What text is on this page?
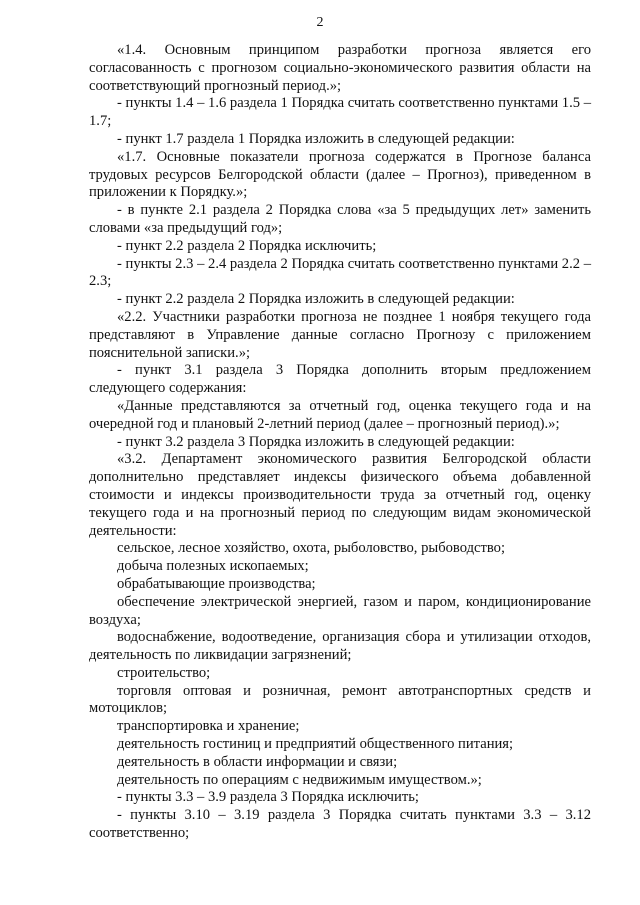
2

«1.4. Основным принципом разработки прогноза является его согласованность с прогнозом социально-экономического развития области на соответствующий прогнозный период.»;

- пункты 1.4 – 1.6 раздела 1 Порядка считать соответственно пунктами 1.5 – 1.7;

- пункт 1.7 раздела 1 Порядка изложить в следующей редакции:

«1.7. Основные показатели прогноза содержатся в Прогнозе баланса трудовых ресурсов Белгородской области (далее – Прогноз), приведенном в приложении к Порядку.»;

- в пункте 2.1 раздела 2 Порядка слова «за 5 предыдущих лет» заменить словами «за предыдущий год»;

- пункт 2.2 раздела 2 Порядка исключить;

- пункты 2.3 – 2.4 раздела 2 Порядка считать соответственно пунктами 2.2 – 2.3;

- пункт 2.2 раздела 2 Порядка изложить в следующей редакции:

«2.2. Участники разработки прогноза не позднее 1 ноября текущего года представляют в Управление данные согласно Прогнозу с приложением пояснительной записки.»;

- пункт 3.1 раздела 3 Порядка дополнить вторым предложением следующего содержания:

«Данные представляются за отчетный год, оценка текущего года и на очередной год и плановый 2-летний период (далее – прогнозный период).»;

- пункт 3.2 раздела 3 Порядка изложить в следующей редакции:

«3.2. Департамент экономического развития Белгородской области дополнительно представляет индексы физического объема добавленной стоимости и индексы производительности труда за отчетный год, оценку текущего года и на прогнозный период по следующим видам экономической деятельности:

сельское, лесное хозяйство, охота, рыболовство, рыбоводство;

добыча полезных ископаемых;

обрабатывающие производства;

обеспечение электрической энергией, газом и паром, кондиционирование воздуха;

водоснабжение, водоотведение, организация сбора и утилизации отходов, деятельность по ликвидации загрязнений;

строительство;

торговля оптовая и розничная, ремонт автотранспортных средств и мотоциклов;

транспортировка и хранение;

деятельность гостиниц и предприятий общественного питания;

деятельность в области информации и связи;

деятельность по операциям с недвижимым имуществом.»;

- пункты 3.3 – 3.9 раздела 3 Порядка исключить;

- пункты 3.10 – 3.19 раздела 3 Порядка считать пунктами 3.3 – 3.12 соответственно;
